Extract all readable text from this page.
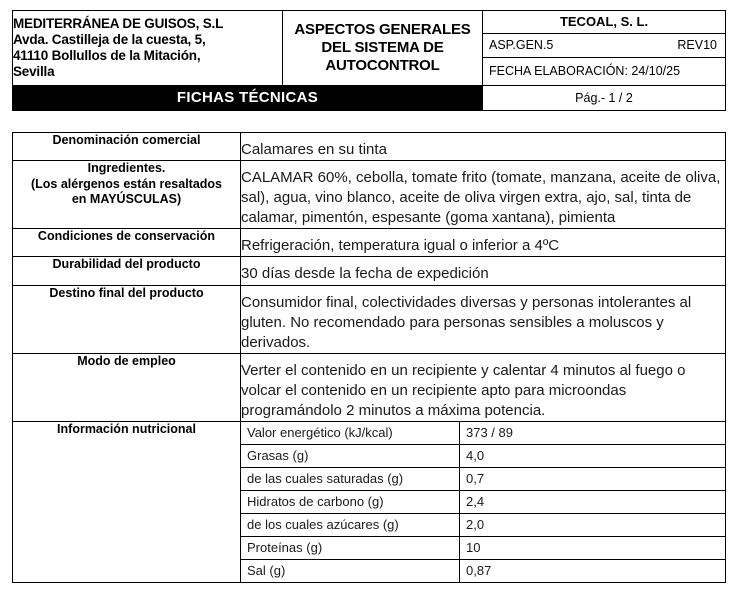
MEDITERRÁNEA DE GUISOS, S.L
Avda. Castilleja de la cuesta, 5,
41110 Bollullos de la Mitación,
Sevilla

ASPECTOS GENERALES
DEL SISTEMA DE
AUTOCONTROL

TECOAL, S. L.
ASP.GEN.5	REV10
FECHA ELABORACIÓN: 24/10/25

FICHAS TÉCNICAS		Pág.- 1 / 2
Denominación comercial	Calamares en su tinta

Ingredientes.
(Los alérgenos están resaltados
en MAYÚSCULAS)
	CALAMAR 60%, cebolla, tomate frito (tomate, manzana, aceite de oliva, sal), agua, vino blanco, aceite de oliva virgen extra, ajo, sal, tinta de calamar, pimentón, espesante (goma xantana), pimienta
Condiciones de conservación	Refrigeración, temperatura igual o inferior a 4ºC
Durabilidad del producto	30 días desde la fecha de expedición
Destino final del producto	Consumidor final, colectividades diversas y personas intolerantes al gluten. No recomendado para personas sensibles a moluscos y derivados.
Modo de empleo	Verter el contenido en un recipiente y calentar 4 minutos al fuego o volcar el contenido en un recipiente apto para microondas programándolo 2 minutos a máxima potencia.
Información nutricional		Valor energético (kJ/kcal)	373 / 89
Grasas (g)	4,0
de las cuales saturadas (g)	0,7
Hidratos de carbono (g)	2,4
de los cuales azúcares (g)	2,0
Proteínas (g)	10
Sal (g)	0,87
